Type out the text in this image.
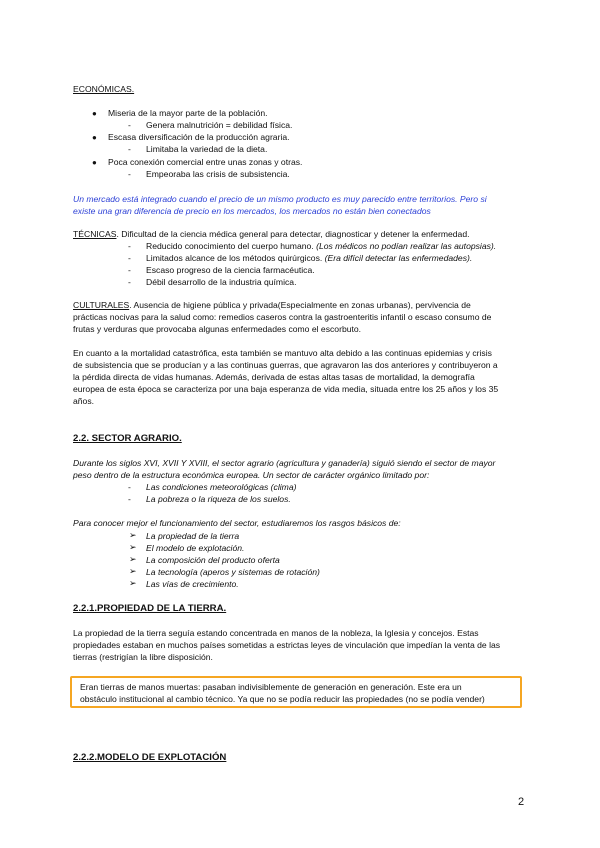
ECONÓMICAS.
● Miseria de la mayor parte de la población.
- Genera malnutrición = debilidad física.
● Escasa diversificación de la producción agraria.
- Limitaba la variedad de la dieta.
● Poca conexión comercial entre unas zonas y otras.
- Empeoraba las crisis de subsistencia.
Un mercado está integrado cuando el precio de un mismo producto es muy parecido entre territorios. Pero si
existe una gran diferencia de precio en los mercados, los mercados no están bien conectados
TÉCNICAS. Dificultad de la ciencia médica general para detectar, diagnosticar y detener la enfermedad.
- Reducido conocimiento del cuerpo humano. (Los médicos no podían realizar las autopsias).
- Limitados alcance de los métodos quirúrgicos. (Era difícil detectar las enfermedades).
- Escaso progreso de la ciencia farmacéutica.
- Débil desarrollo de la industria química.
CULTURALES. Ausencia de higiene pública y privada(Especialmente en zonas urbanas), pervivencia de
prácticas nocivas para la salud como: remedios caseros contra la gastroenteritis infantil o escaso consumo de
frutas y verduras que provocaba algunas enfermedades como el escorbuto.
En cuanto a la mortalidad catastrófica, esta también se mantuvo alta debido a las continuas epidemias y crisis
de subsistencia que se producían y a las continuas guerras, que agravaron las dos anteriores y contribuyeron a
la pérdida directa de vidas humanas. Además, derivada de estas altas tasas de mortalidad, la demografía
europea de esta época se caracteriza por una baja esperanza de vida media, situada entre los 25 años y los 35
años.
2.2. SECTOR AGRARIO.
Durante los siglos XVI, XVII Y XVIII, el sector agrario (agricultura y ganadería) siguió siendo el sector de mayor
peso dentro de la estructura económica europea. Un sector de carácter orgánico limitado por:
- Las condiciones meteorológicas (clima)
- La pobreza o la riqueza de los suelos.
Para conocer mejor el funcionamiento del sector, estudiaremos los rasgos básicos de:
➢ La propiedad de la tierra
➢ El modelo de explotación.
➢ La composición del producto oferta
➢ La tecnología (aperos y sistemas de rotación)
➢ Las vías de crecimiento.
2.2.1.PROPIEDAD DE LA TIERRA.
La propiedad de la tierra seguía estando concentrada en manos de la nobleza, la Iglesia y concejos. Estas
propiedades estaban en muchos países sometidas a estrictas leyes de vinculación que impedían la venta de las
tierras (restrigían la libre disposición.
Eran tierras de manos muertas: pasaban indivisiblemente de generación en generación. Este era un
obstáculo institucional al cambio técnico. Ya que no se podía reducir las propiedades (no se podía vender)
2.2.2.MODELO DE EXPLOTACIÓN
2
